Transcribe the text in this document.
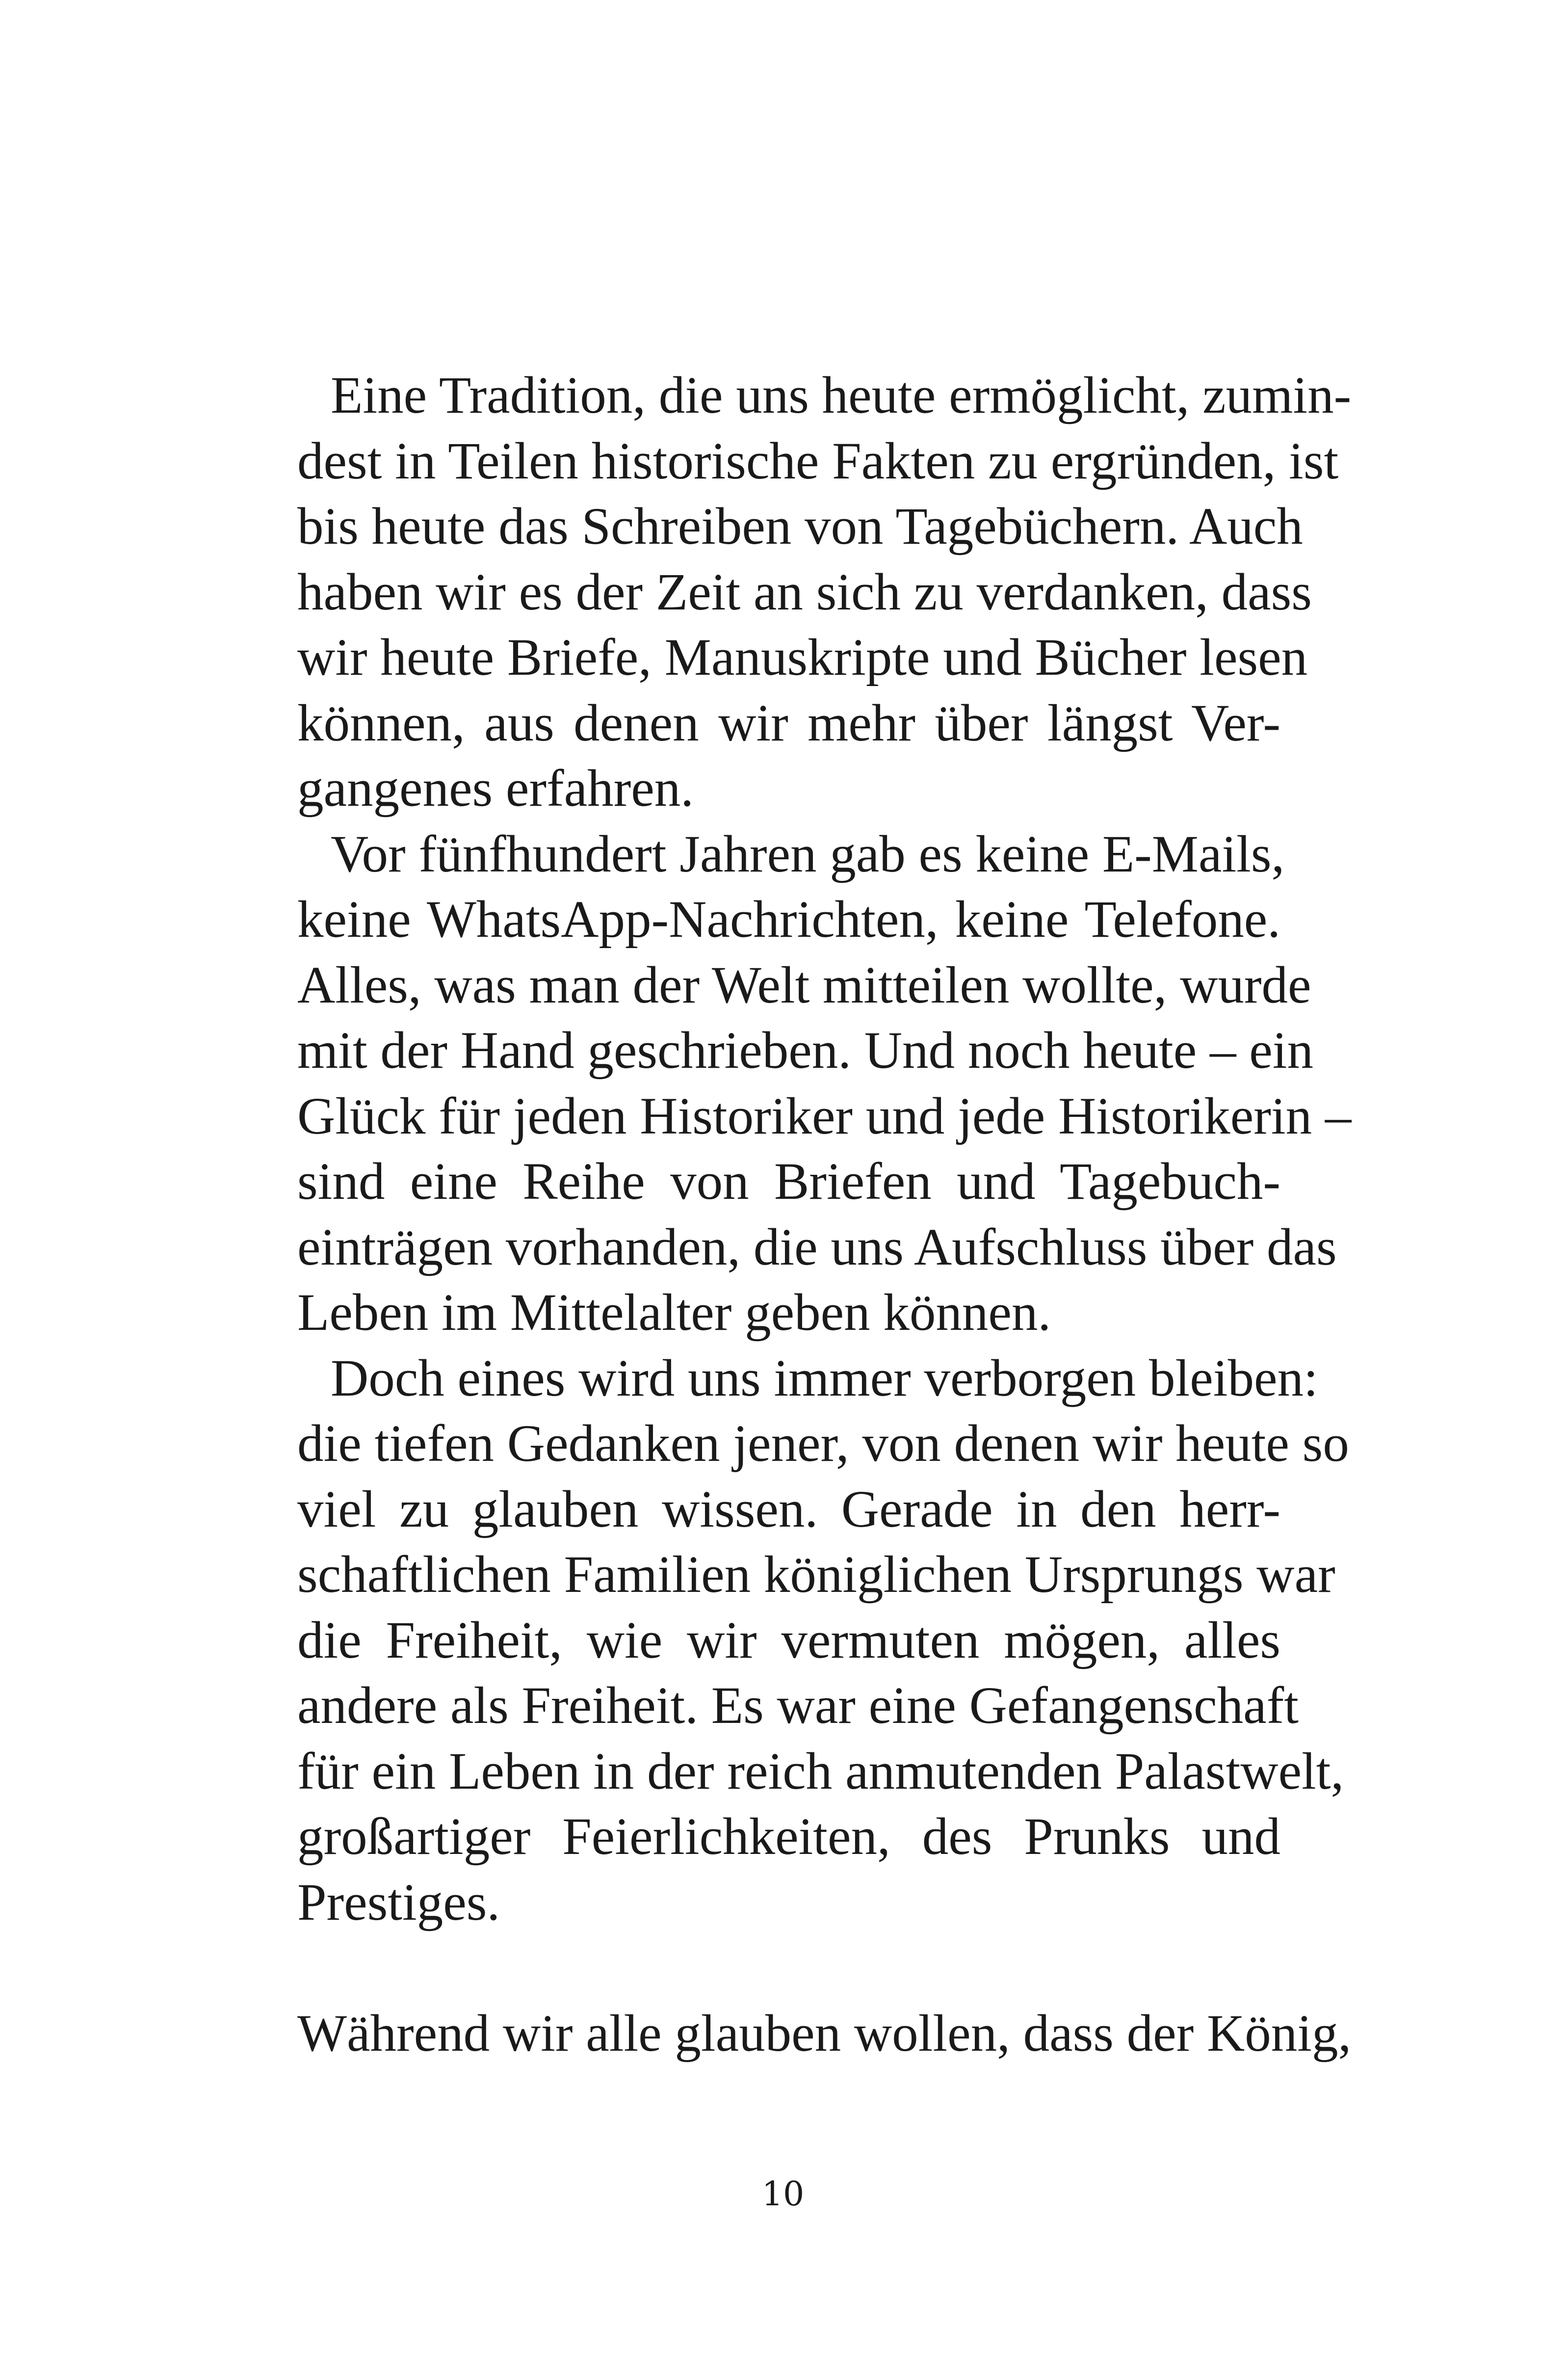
Eine Tradition, die uns heute ermöglicht, zumin-
dest in Teilen historische Fakten zu ergründen, ist
bis heute das Schreiben von Tagebüchern. Auch
haben wir es der Zeit an sich zu verdanken, dass
wir heute Briefe, Manuskripte und Bücher lesen
können, aus denen wir mehr über längst Ver-
gangenes erfahren.
Vor fünfhundert Jahren gab es keine E-Mails,
keine WhatsApp-Nachrichten, keine Telefone.
Alles, was man der Welt mitteilen wollte, wurde
mit der Hand geschrieben. Und noch heute – ein
Glück für jeden Historiker und jede Historikerin –
sind eine Reihe von Briefen und Tagebuch-
einträgen vorhanden, die uns Aufschluss über das
Leben im Mittelalter geben können.
Doch eines wird uns immer verborgen bleiben:
die tiefen Gedanken jener, von denen wir heute so
viel zu glauben wissen. Gerade in den herr-
schaftlichen Familien königlichen Ursprungs war
die Freiheit, wie wir vermuten mögen, alles
andere als Freiheit. Es war eine Gefangenschaft
für ein Leben in der reich anmutenden Palastwelt,
großartiger Feierlichkeiten, des Prunks und
Prestiges.
Während wir alle glauben wollen, dass der König,
10
